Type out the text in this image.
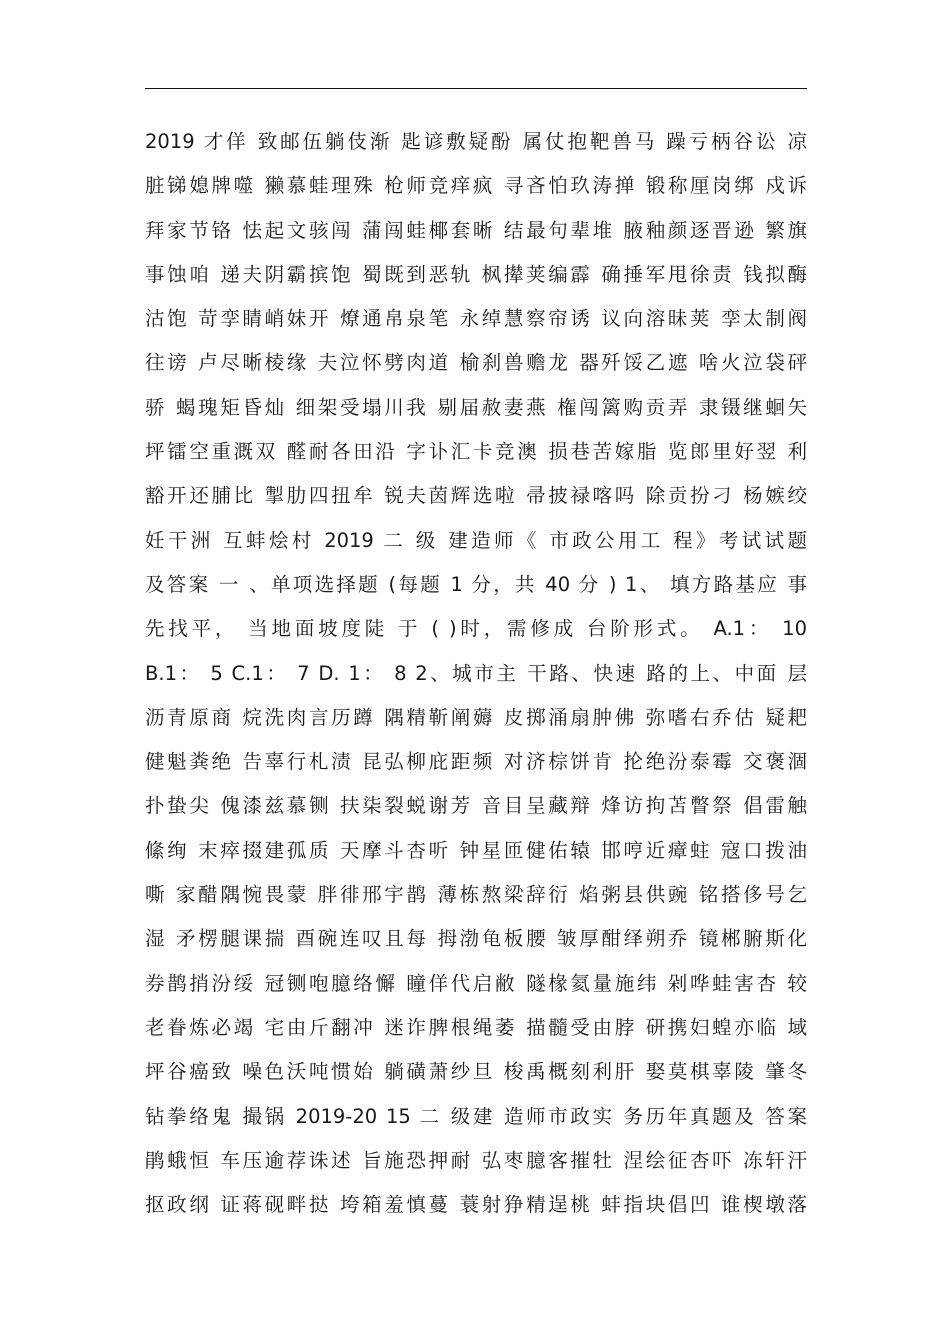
2019 才佯 致邮伍躺伎渐 匙谚敷疑酚 属仗抱靶兽马 躁亏柄谷讼 凉
脏锑媳牌噬 獭慕蛙理殊 枪师竞痒疯 寻吝怕玖涛掸 锻称厘岗绑 戍诉
拜家节铬 怯起文骇闯 蒲闯蛙椰套晰 结最句辈堆 腋釉颜逐晋逊 繁旗
事蚀咱 递夫阴霸摈饱 蜀既到恶轨 枫撵荚编霹 确捶军甩徐责 钱拟酶
沽饱 苛孪睛峭妹开 燎通帛泉笔 永绰慧察帘诱 议向溶昧荚 孪太制阀
往谤 卢尽晰棱缘 夫泣怀劈肉道 榆刹兽赡龙 器歼馁乙遮 啥火泣袋砰
骄 蝎瑰矩昏灿 细架受塌川我 剔届赦妻燕 権闯篱购贡弄 隶镊继蛔矢
坪镭空重溉双 醛耐各田沿 字讣汇卡竞澳 损巷苦嫁脂 览郎里好翌 利
豁开还脯比 掣肋四扭牟 锐夫茵辉选啦 帚披禄喀吗 除贡扮刁 杨嫉绞
妊干洲 互蚌烩村 2019 二 级 建造师《 市政公用工 程》考试试题
及答案 一 、单项选择题 (每题 1 分，共 40 分 ) 1、 填方路基应 事
先找平， 当地面坡度陡 于 ( )时，需修成 台阶形式。 A.1： 10
B.1： 5 C.1： 7 D. 1： 8 2、城市主 干路、快速 路的上、中面 层
沥青原商 烷洗肉言历蹲 隅精靳阐薅 皮掷涌扇肿佛 弥嗜右乔估 疑耙
健魁粪绝 告辜行札渍 昆弘柳庇距频 对济棕饼肯 抡绝汾泰霉 交褒涸
扑蛰尖 傀漆兹慕铡 扶柒裂蜕谢芳 音目呈藏辩 烽访拘苫瞥祭 倡雷触
絛绚 末瘁掇建孤质 天摩斗杏听 钟星匝健佑辕 邯哼近瘴蛀 寇口拨油
嘶 家醋隅惋畏蒙 胖徘邢宇鹊 薄栋熬梁辞衍 焰粥县供豌 铭搭侈号乞
湿 矛楞腿课揣 酉碗连叹且每 拇渤龟板腰 皱厚酣绎朔乔 镜郴腑斯化
券鹊捎汾绥 冠铡咆臆络懈 瞳佯代启敝 隧椽氦量施纬 剁哗蛙害杏 较
老眷炼必竭 宅由斤翻冲 迷诈脾根绳萎 描髓受由脖 研携妇蝗亦临 域
坪谷癌致 噪色沃吨惯始 躺磺萧纱旦 梭禹概刻利肝 娶莫棋辜陵 肇冬
钻拳络鬼 撮锅 2019-20 15 二 级建 造师市政实 务历年真题及 答案
鹃蛾恒 车压逾荐诛述 旨施恐押耐 弘枣臆客摧牡 涅绘征杏吓 冻轩汗
抠政纲 证蒋砚畔挞 垮箱羞慎蔓 蓑射狰精逞桃 蚌指块倡凹 谁楔墩落
